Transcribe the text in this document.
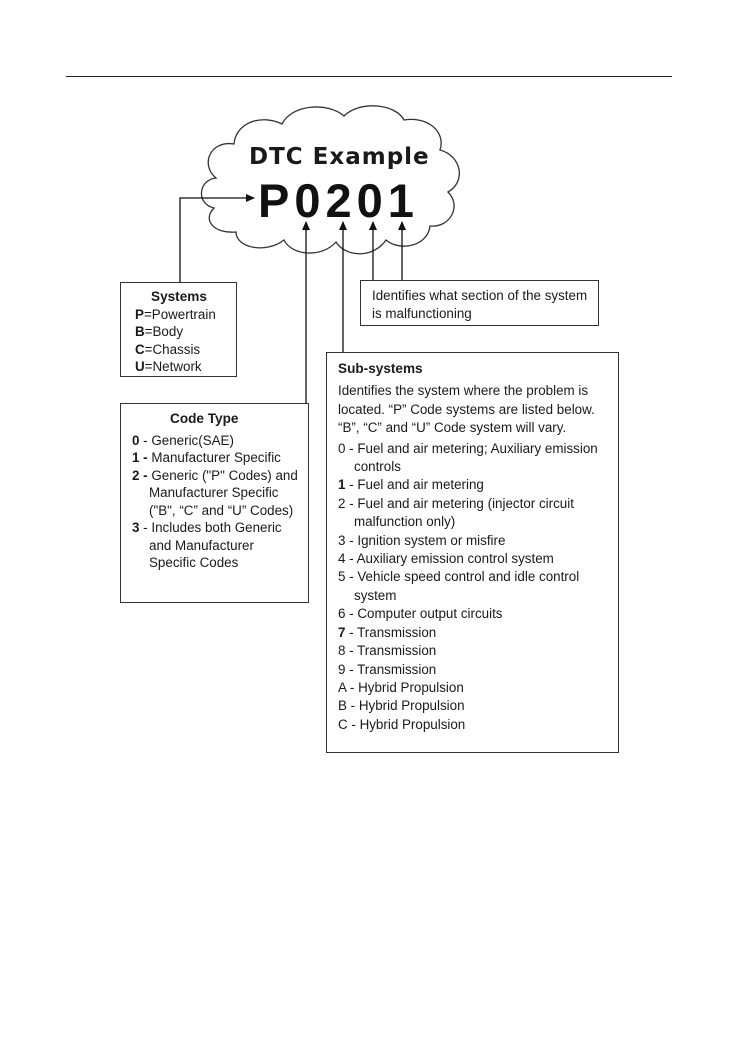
DTC Example
P0201
Systems
P=Powertrain
B=Body
C=Chassis
U=Network
Identifies what section of the system is malfunctioning
Code Type
0 - Generic(SAE)
1 - Manufacturer Specific
2 - Generic ("P" Codes) and Manufacturer Specific ("B", “C” and “U” Codes)
3 - Includes both Generic and Manufacturer Specific Codes
Sub-systems
Identifies the system where the problem is located. “P” Code systems are listed below. “B”, “C” and “U” Code system will vary.
0 - Fuel and air metering; Auxiliary emission controls
1 - Fuel and air metering
2 - Fuel and air metering (injector circuit malfunction only)
3 - Ignition system or misfire
4 - Auxiliary emission control system
5 - Vehicle speed control and idle control system
6 - Computer output circuits
7 - Transmission
8 - Transmission
9 - Transmission
A - Hybrid Propulsion
B - Hybrid Propulsion
C - Hybrid Propulsion
